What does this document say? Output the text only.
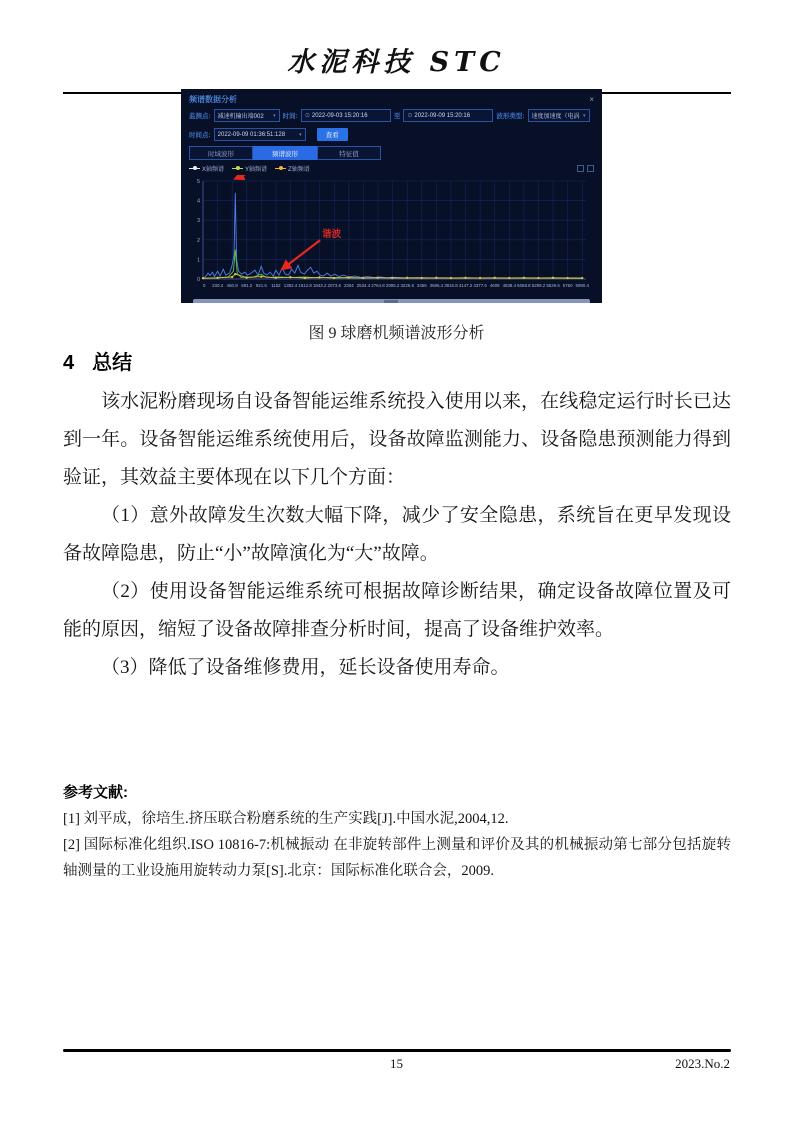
水泥科技 STC
频谱数据分析	×
监测点: 减速机输出端002 ▾ 时间: ⊙ 2022-09-03 15:20:16	至 ⊙ 2022-09-09 15:20:16	波形类型: 速度加速度（电涡 ▾
时间点: 2022-09-09 01:36:51:128	▾	查看
时域波形	频谱波形	特征值
X轴频谱	Y轴频谱	Z轴频谱
0
1
2
3
4
5
0 230.4 460.8 691.2 921.6 1152 1382.4 1612.8 1843.2 2073.6 2304 2534.4 2764.8 2995.2 3225.6 3456 3686.4 3916.8 4147.2 4377.6 4608 4838.4 5068.8 5299.2 5529.6 5760 5990.4
谐波
图 9 球磨机频谱波形分析
4 总结

该水泥粉磨现场自设备智能运维系统投入使用以来，在线稳定运行时长已达到一年。设备智能运维系统使用后，设备故障监测能力、设备隐患预测能力得到验证，其效益主要体现在以下几个方面：

（1）意外故障发生次数大幅下降，减少了安全隐患，系统旨在更早发现设备故障隐患，防止“小”故障演化为“大”故障。

（2）使用设备智能运维系统可根据故障诊断结果，确定设备故障位置及可能的原因，缩短了设备故障排查分析时间，提高了设备维护效率。

（3）降低了设备维修费用，延长设备使用寿命。

参考文献:

[1] 刘平成，徐培生.挤压联合粉磨系统的生产实践[J].中国水泥,2004,12.

[2] 国际标准化组织.ISO 10816-7:机械振动 在非旋转部件上测量和评价及其的机械振动第七部分包括旋转轴测量的工业设施用旋转动力泵[S].北京：国际标准化联合会，2009.

15	2023.No.2
